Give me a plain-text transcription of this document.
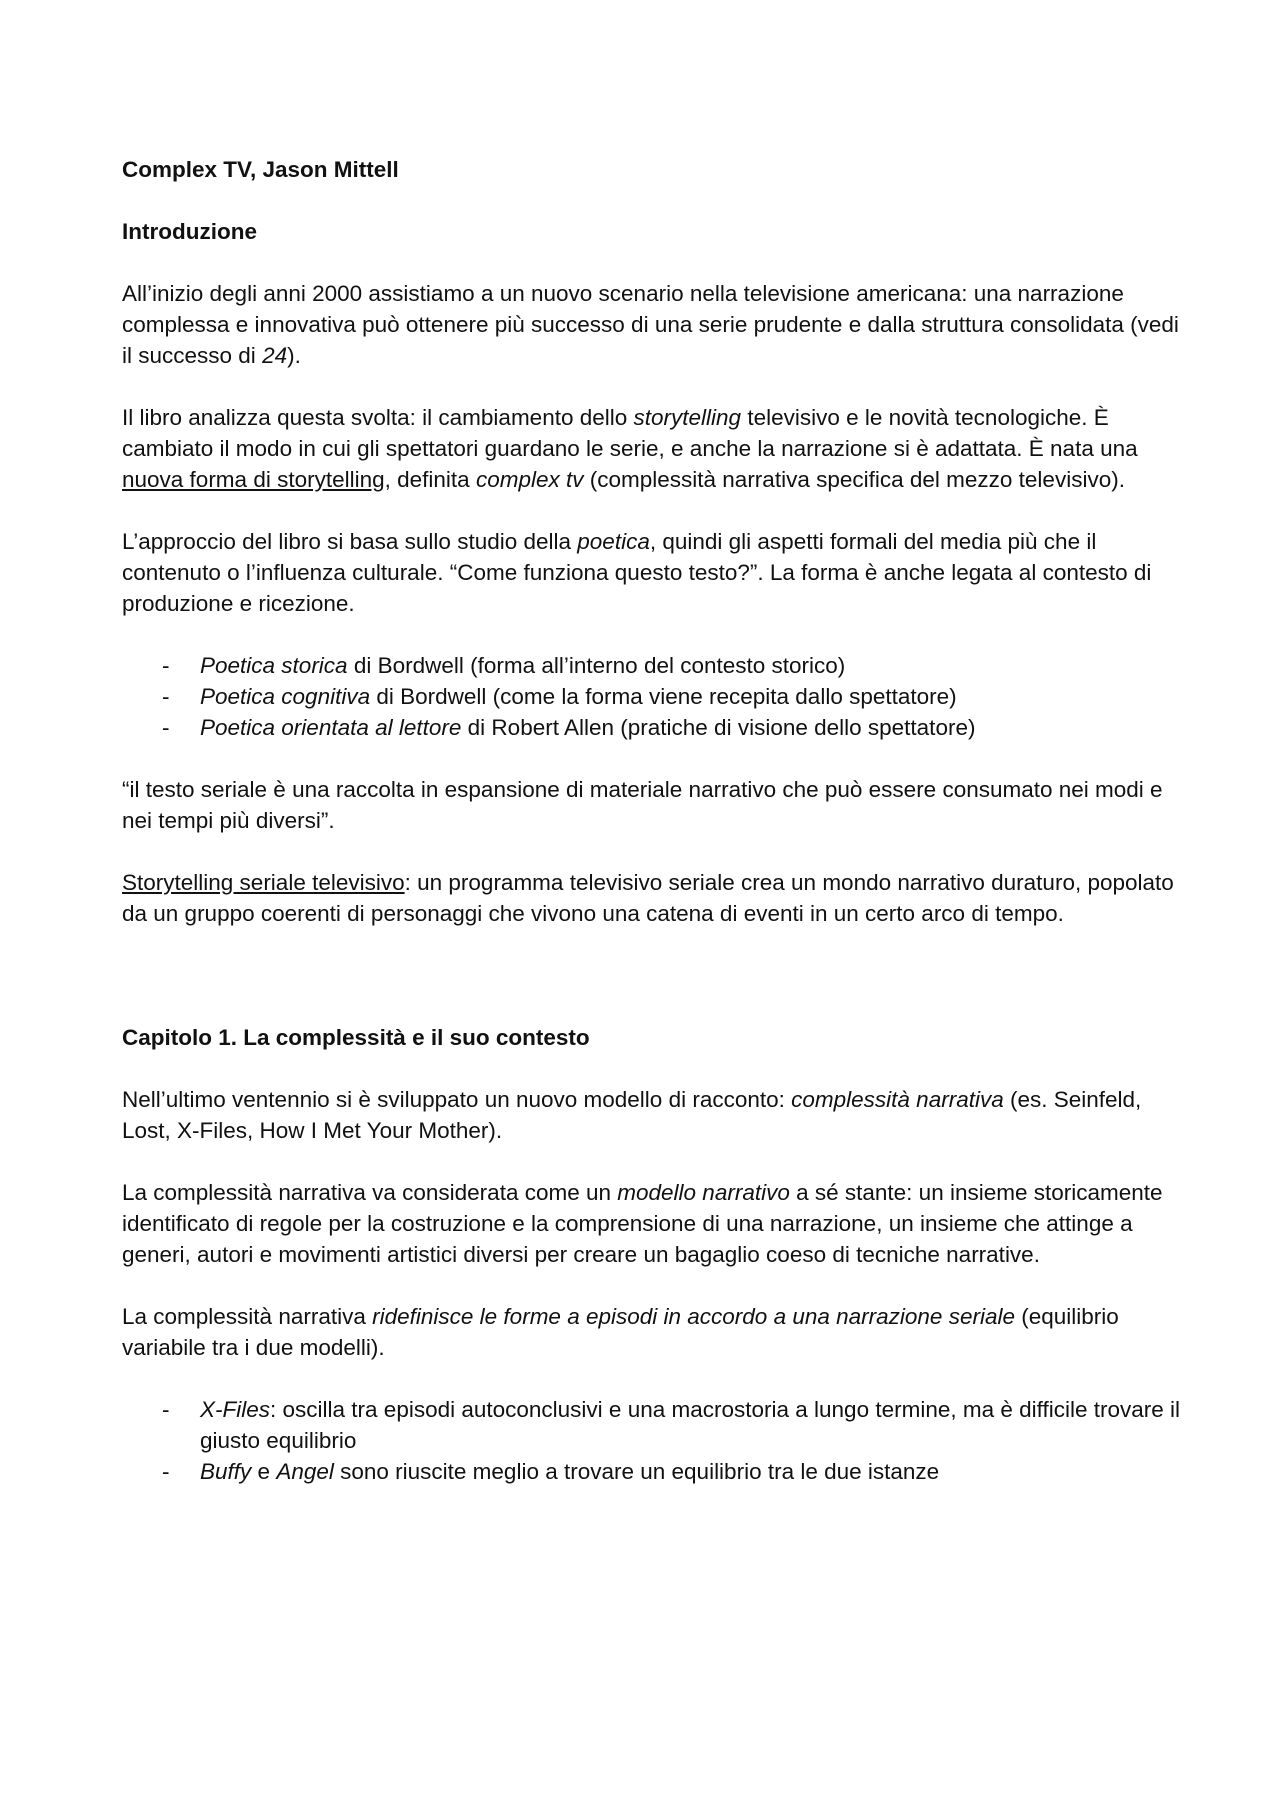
Complex TV, Jason Mittell

Introduzione

All’inizio degli anni 2000 assistiamo a un nuovo scenario nella televisione americana: una narrazione complessa e innovativa può ottenere più successo di una serie prudente e dalla struttura consolidata (vedi il successo di 24).

Il libro analizza questa svolta: il cambiamento dello storytelling televisivo e le novità tecnologiche. È cambiato il modo in cui gli spettatori guardano le serie, e anche la narrazione si è adattata. È nata una nuova forma di storytelling, definita complex tv (complessità narrativa specifica del mezzo televisivo).

L’approccio del libro si basa sullo studio della poetica, quindi gli aspetti formali del media più che il contenuto o l’influenza culturale. “Come funziona questo testo?”. La forma è anche legata al contesto di produzione e ricezione.

- Poetica storica di Bordwell (forma all’interno del contesto storico)
- Poetica cognitiva di Bordwell (come la forma viene recepita dallo spettatore)
- Poetica orientata al lettore di Robert Allen (pratiche di visione dello spettatore)

“il testo seriale è una raccolta in espansione di materiale narrativo che può essere consumato nei modi e nei tempi più diversi”.

Storytelling seriale televisivo: un programma televisivo seriale crea un mondo narrativo duraturo, popolato da un gruppo coerenti di personaggi che vivono una catena di eventi in un certo arco di tempo.

Capitolo 1. La complessità e il suo contesto

Nell’ultimo ventennio si è sviluppato un nuovo modello di racconto: complessità narrativa (es. Seinfeld, Lost, X-Files, How I Met Your Mother).

La complessità narrativa va considerata come un modello narrativo a sé stante: un insieme storicamente identificato di regole per la costruzione e la comprensione di una narrazione, un insieme che attinge a generi, autori e movimenti artistici diversi per creare un bagaglio coeso di tecniche narrative.

La complessità narrativa ridefinisce le forme a episodi in accordo a una narrazione seriale (equilibrio variabile tra i due modelli).

- X-Files: oscilla tra episodi autoconclusivi e una macrostoria a lungo termine, ma è difficile trovare il giusto equilibrio
- Buffy e Angel sono riuscite meglio a trovare un equilibrio tra le due istanze
